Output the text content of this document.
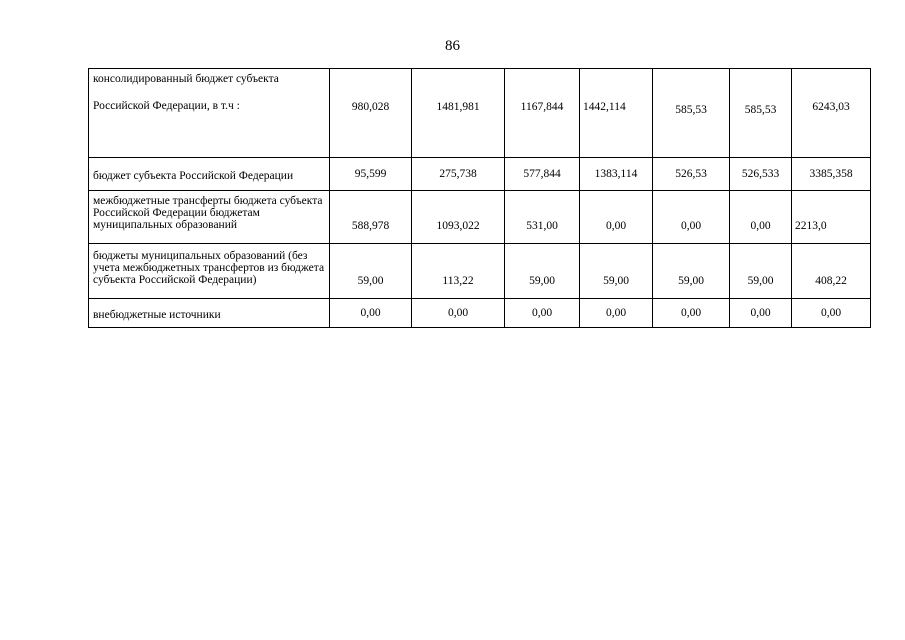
86
консолидированный бюджет субъекта
Российской Федерации, в т.ч :	980,028	1481,981	1167,844	1442,114	585,53	585,53	6243,03
бюджет субъекта Российской Федерации	95,599	275,738	577,844	1383,114	526,53	526,533	3385,358
межбюджетные трансферты бюджета субъекта Российской Федерации бюджетам муниципальных образований	588,978	1093,022	531,00	0,00	0,00	0,00	2213,0

бюджеты муниципальных образований (без учета межбюджетных трансфертов из бюджета субъекта Российской Федерации)	59,00	113,22	59,00	59,00	59,00	59,00	408,22
внебюджетные источники	0,00	0,00	0,00	0,00	0,00	0,00	0,00
